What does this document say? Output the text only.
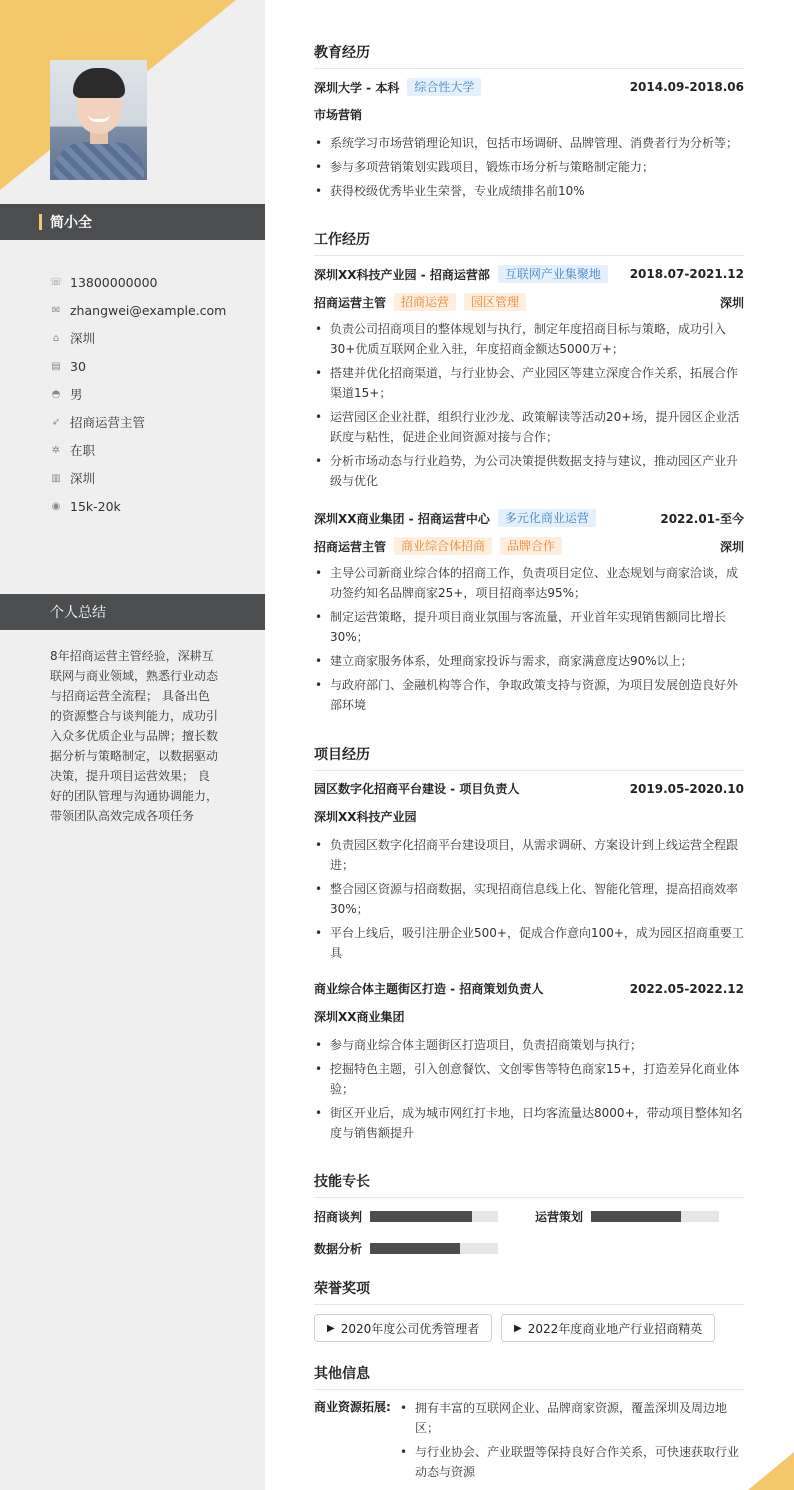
简小全
☏ 13800000000
✉ zhangwei@example.com
⌂ 深圳
▤ 30
◓ 男
➶ 招商运营主管
✲ 在职
▥ 深圳
◉ 15k-20k
个人总结
8年招商运营主管经验，深耕互联网与商业领域，熟悉行业动态与招商运营全流程； 具备出色的资源整合与谈判能力，成功引入众多优质企业与品牌；擅长数据分析与策略制定，以数据驱动决策，提升项目运营效果； 良好的团队管理与沟通协调能力，带领团队高效完成各项任务
教育经历
深圳大学 - 本科	综合性大学	2014.09-2018.06
市场营销
• 系统学习市场营销理论知识，包括市场调研、品牌管理、消费者行为分析等；
• 参与多项营销策划实践项目，锻炼市场分析与策略制定能力；
• 获得校级优秀毕业生荣誉，专业成绩排名前10%
工作经历
深圳XX科技产业园 - 招商运营部	互联网产业集聚地	2018.07-2021.12
招商运营主管	招商运营	园区管理	深圳
• 负责公司招商项目的整体规划与执行，制定年度招商目标与策略，成功引入30+优质互联网企业入驻，年度招商金额达5000万+；
• 搭建并优化招商渠道，与行业协会、产业园区等建立深度合作关系，拓展合作渠道15+；
• 运营园区企业社群，组织行业沙龙、政策解读等活动20+场，提升园区企业活跃度与粘性，促进企业间资源对接与合作；
• 分析市场动态与行业趋势，为公司决策提供数据支持与建议，推动园区产业升级与优化
深圳XX商业集团 - 招商运营中心	多元化商业运营	2022.01-至今
招商运营主管	商业综合体招商	品牌合作	深圳
• 主导公司新商业综合体的招商工作，负责项目定位、业态规划与商家洽谈，成功签约知名品牌商家25+，项目招商率达95%；
• 制定运营策略，提升项目商业氛围与客流量，开业首年实现销售额同比增长30%；
• 建立商家服务体系，处理商家投诉与需求，商家满意度达90%以上；
• 与政府部门、金融机构等合作，争取政策支持与资源，为项目发展创造良好外部环境
项目经历
园区数字化招商平台建设 - 项目负责人	2019.05-2020.10
深圳XX科技产业园
• 负责园区数字化招商平台建设项目，从需求调研、方案设计到上线运营全程跟进；
• 整合园区资源与招商数据，实现招商信息线上化、智能化管理，提高招商效率30%；
• 平台上线后，吸引注册企业500+，促成合作意向100+，成为园区招商重要工具
商业综合体主题街区打造 - 招商策划负责人	2022.05-2022.12
深圳XX商业集团
• 参与商业综合体主题街区打造项目，负责招商策划与执行；
• 挖掘特色主题，引入创意餐饮、文创零售等特色商家15+，打造差异化商业体验；
• 街区开业后，成为城市网红打卡地，日均客流量达8000+，带动项目整体知名度与销售额提升
技能专长
招商谈判	运营策划
数据分析
荣誉奖项
▶ 2020年度公司优秀管理者	▶ 2022年度商业地产行业招商精英
其他信息
商业资源拓展:
•	拥有丰富的互联网企业、品牌商家资源，覆盖深圳及周边地区；
• 与行业协会、产业联盟等保持良好合作关系，可快速获取行业动态与资源
